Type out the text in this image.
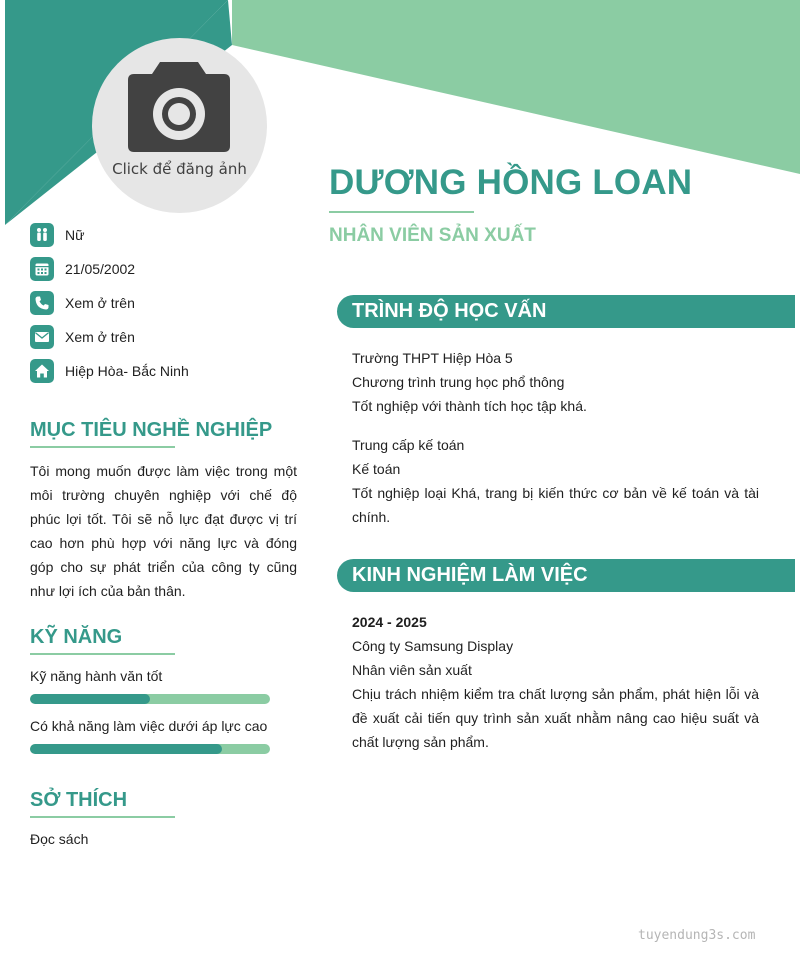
Click để đăng ảnh	DƯƠNG HỒNG LOAN
NHÂN VIÊN SẢN XUẤT
Nữ
21/05/2002
Xem ở trên
Xem ở trên
Hiệp Hòa- Bắc Ninh
MỤC TIÊU NGHỀ NGHIỆP
Tôi mong muốn được làm việc trong một môi trường chuyên nghiệp với chế độ phúc lợi tốt. Tôi sẽ nỗ lực đạt được vị trí cao hơn phù hợp với năng lực và đóng góp cho sự phát triển của công ty cũng như lợi ích của bản thân.
KỸ NĂNG
Kỹ năng hành văn tốt
Có khả năng làm việc dưới áp lực cao
SỞ THÍCH
Đọc sách
TRÌNH ĐỘ HỌC VẤN
Trường THPT Hiệp Hòa 5
Chương trình trung học phổ thông
Tốt nghiệp với thành tích học tập khá.
Trung cấp kế toán
Kế toán
Tốt nghiệp loại Khá, trang bị kiến thức cơ bản về kế toán và tài chính.
KINH NGHIỆM LÀM VIỆC
2024 - 2025
Công ty Samsung Display
Nhân viên sản xuất
Chịu trách nhiệm kiểm tra chất lượng sản phẩm, phát hiện lỗi và đề xuất cải tiến quy trình sản xuất nhằm nâng cao hiệu suất và chất lượng sản phẩm.
tuyendung3s.com
